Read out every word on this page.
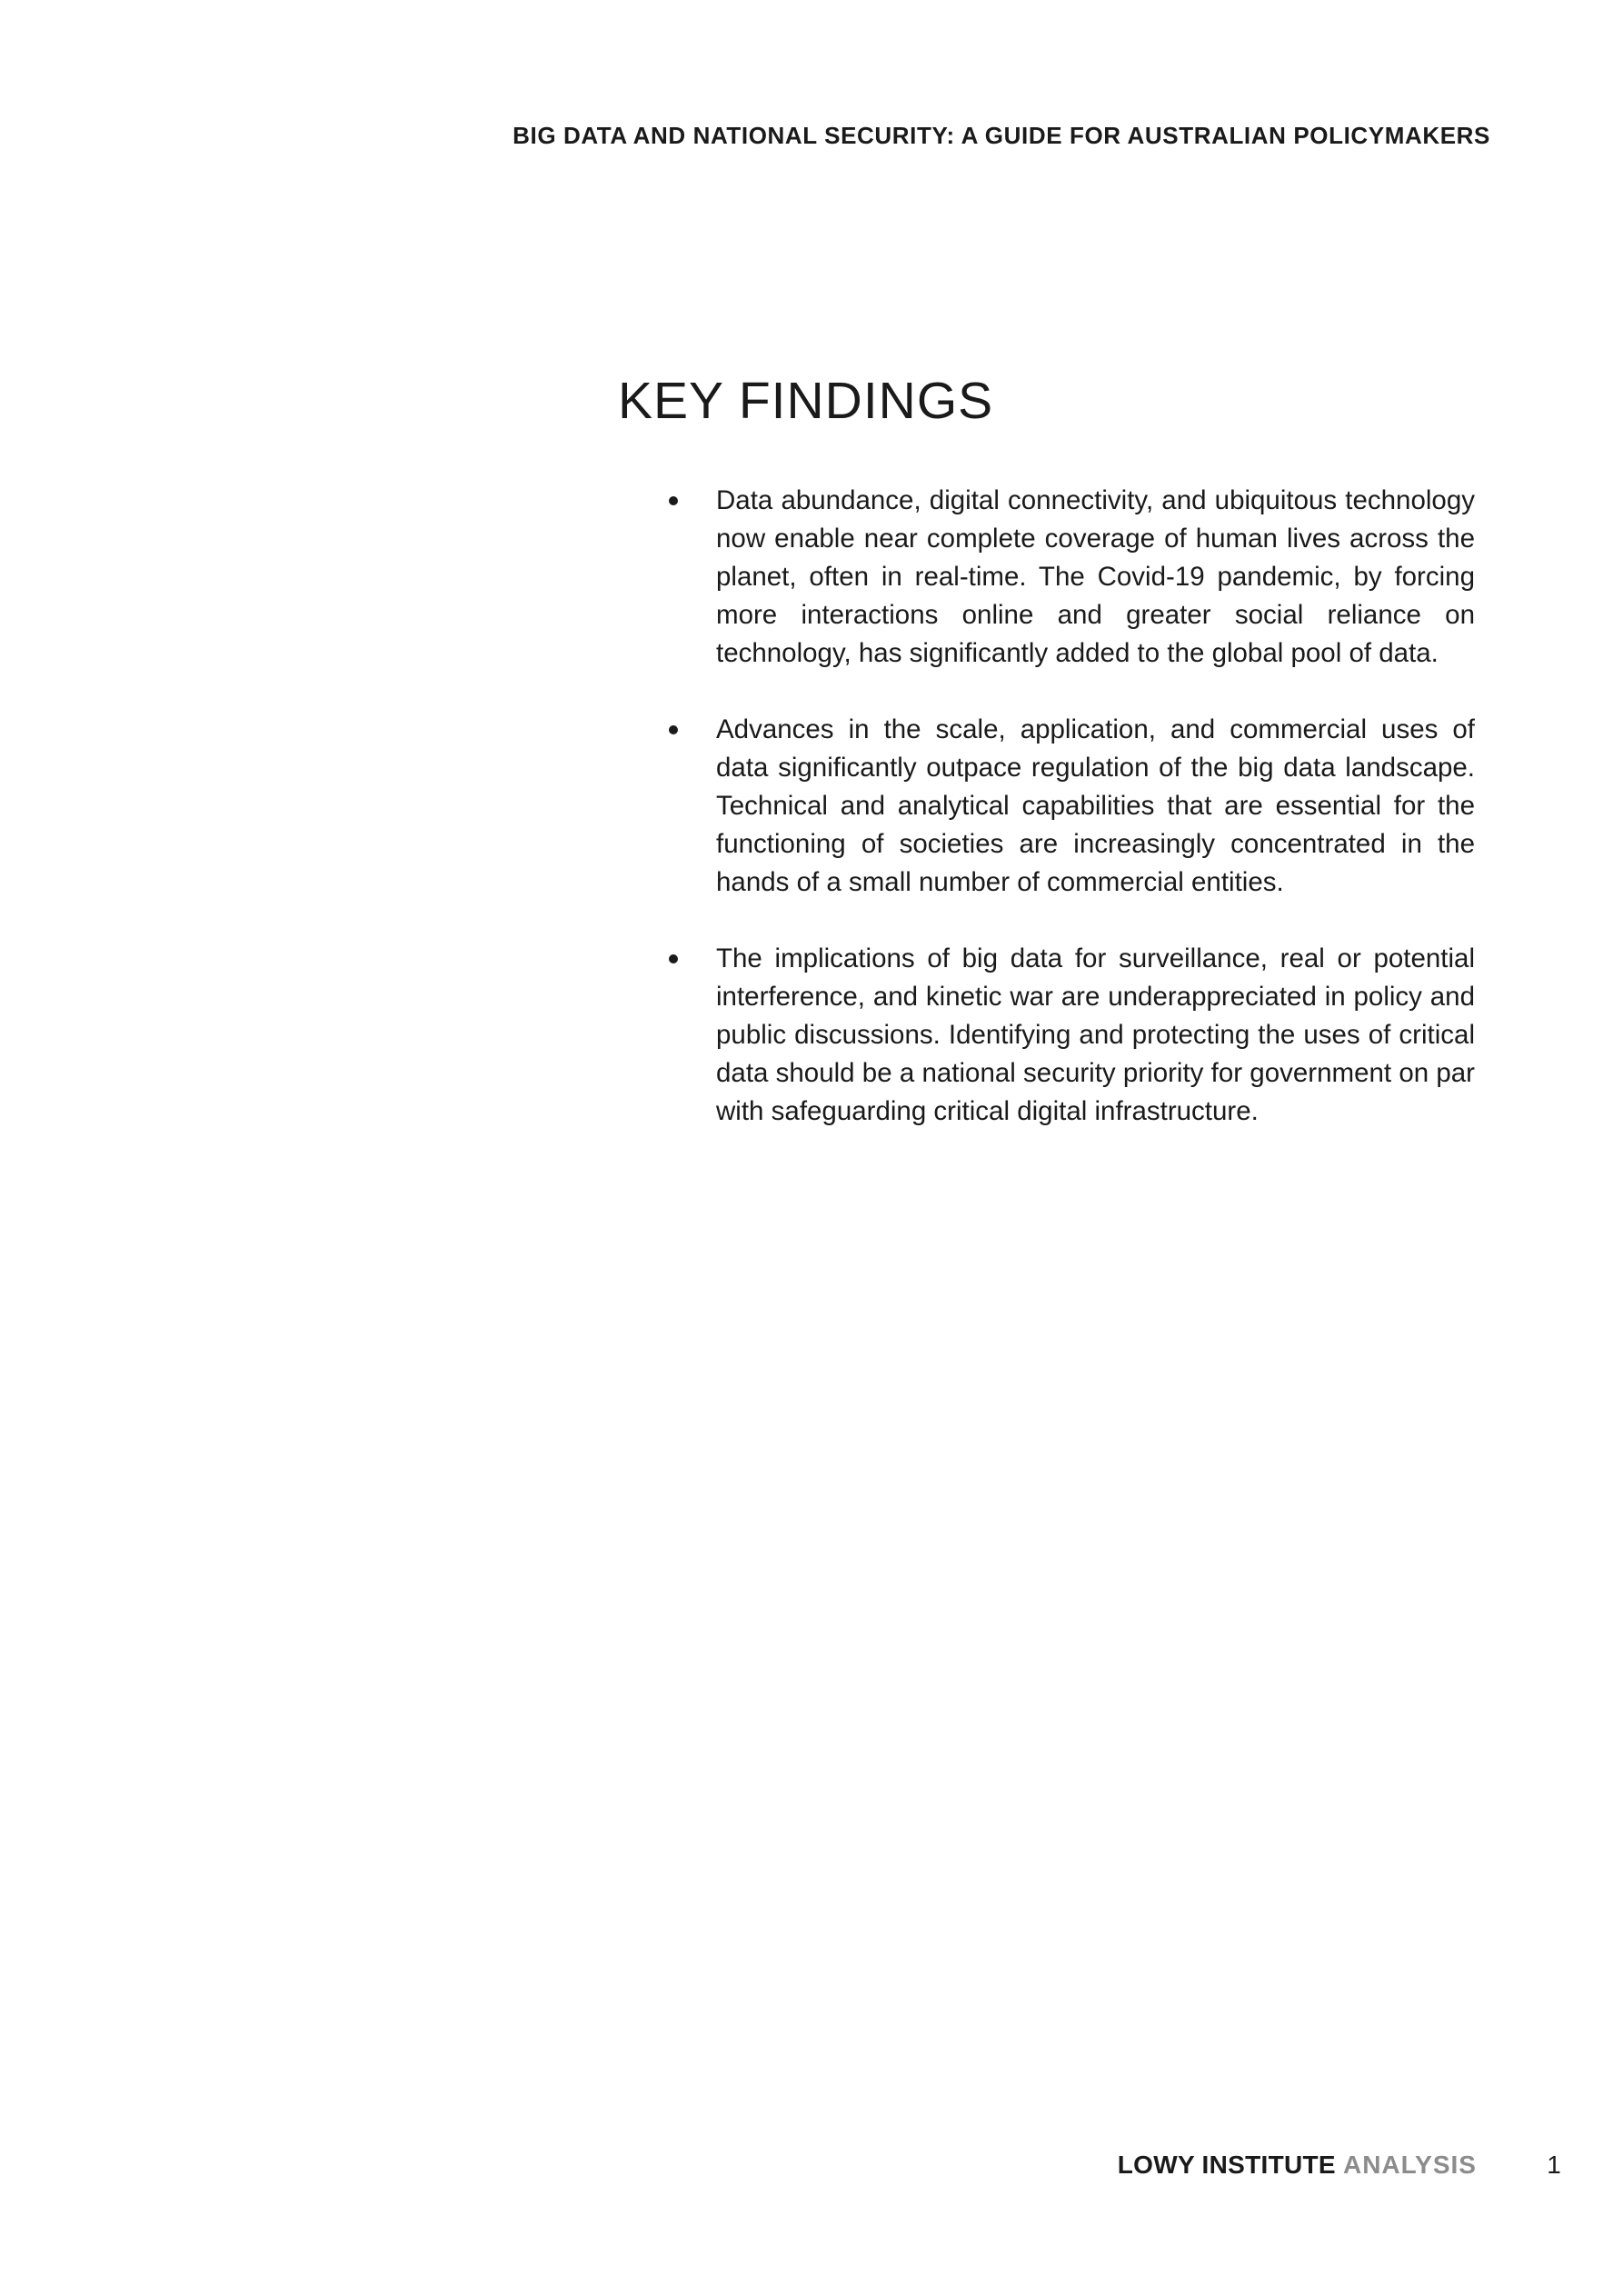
BIG DATA AND NATIONAL SECURITY: A GUIDE FOR AUSTRALIAN POLICYMAKERS
KEY FINDINGS
Data abundance, digital connectivity, and ubiquitous technology now enable near complete coverage of human lives across the planet, often in real-time. The Covid-19 pandemic, by forcing more interactions online and greater social reliance on technology, has significantly added to the global pool of data.
Advances in the scale, application, and commercial uses of data significantly outpace regulation of the big data landscape. Technical and analytical capabilities that are essential for the functioning of societies are increasingly concentrated in the hands of a small number of commercial entities.
The implications of big data for surveillance, real or potential interference, and kinetic war are underappreciated in policy and public discussions. Identifying and protecting the uses of critical data should be a national security priority for government on par with safeguarding critical digital infrastructure.
LOWY INSTITUTE ANALYSIS	1
